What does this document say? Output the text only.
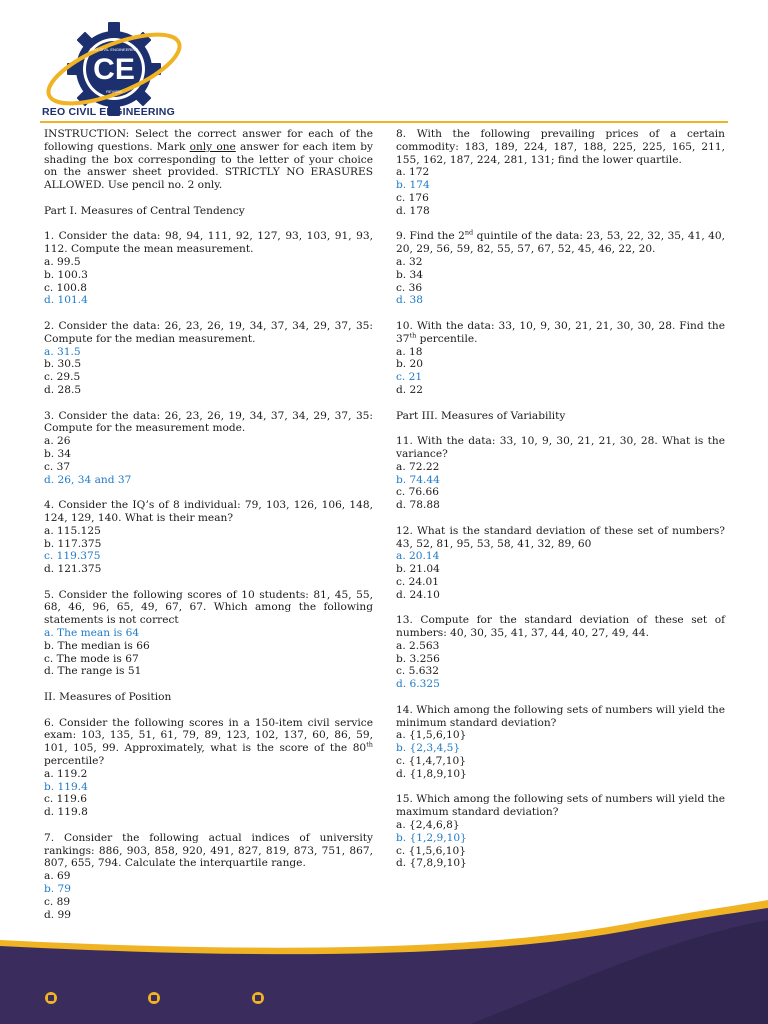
CE
REO CIVIL ENGINEERING
REVIEW
REO CIVIL ENGINEERING

INSTRUCTION: Select the correct answer for each of the following questions. Mark only one answer for each item by shading the box corresponding to the letter of your choice on the answer sheet provided. STRICTLY NO ERASURES ALLOWED. Use pencil no. 2 only.

Part I. Measures of Central Tendency

1. Consider the data: 98, 94, 111, 92, 127, 93, 103, 91, 93, 112. Compute the mean measurement.

a. 99.5
b. 100.3
c. 100.8
d. 101.4

2. Consider the data: 26, 23, 26, 19, 34, 37, 34, 29, 37, 35: Compute for the median measurement.

a. 31.5
b. 30.5
c. 29.5
d. 28.5

3. Consider the data: 26, 23, 26, 19, 34, 37, 34, 29, 37, 35: Compute for the measurement mode.

a. 26
b. 34
c. 37
d. 26, 34 and 37

4. Consider the IQ’s of 8 individual: 79, 103, 126, 106, 148, 124, 129, 140. What is their mean?

a. 115.125
b. 117.375
c. 119.375
d. 121.375

5. Consider the following scores of 10 students: 81, 45, 55, 68, 46, 96, 65, 49, 67, 67. Which among the following statements is not correct

a. The mean is 64
b. The median is 66
c. The mode is 67
d. The range is 51
II. Measures of Position

6. Consider the following scores in a 150-item civil service exam: 103, 135, 51, 61, 79, 89, 123, 102, 137, 60, 86, 59, 101, 105, 99. Approximately, what is the score of the 80th percentile?

a. 119.2
b. 119.4
c. 119.6
d. 119.8

7. Consider the following actual indices of university rankings: 886, 903, 858, 920, 491, 827, 819, 873, 751, 867, 807, 655, 794. Calculate the interquartile range.

a. 69
b. 79
c. 89
d. 99

8. With the following prevailing prices of a certain commodity: 183, 189, 224, 187, 188, 225, 225, 165, 211, 155, 162, 187, 224, 281, 131; find the lower quartile.

a. 172
b. 174
c. 176
d. 178

9. Find the 2nd quintile of the data: 23, 53, 22, 32, 35, 41, 40, 20, 29, 56, 59, 82, 55, 57, 67, 52, 45, 46, 22, 20.

a. 32
b. 34
c. 36
d. 38

10. With the data: 33, 10, 9, 30, 21, 21, 30, 30, 28. Find the 37th percentile.

a. 18
b. 20
c. 21
d. 22
Part III. Measures of Variability

11. With the data: 33, 10, 9, 30, 21, 21, 30, 28. What is the variance?

a. 72.22
b. 74.44
c. 76.66
d. 78.88

12. What is the standard deviation of these set of numbers? 43, 52, 81, 95, 53, 58, 41, 32, 89, 60

a. 20.14
b. 21.04
c. 24.01
d. 24.10

13. Compute for the standard deviation of these set of numbers: 40, 30, 35, 41, 37, 44, 40, 27, 49, 44.

a. 2.563
b. 3.256
c. 5.632
d. 6.325

14. Which among the following sets of numbers will yield the minimum standard deviation?

a. {1,5,6,10}
b. {2,3,4,5}
c. {1,4,7,10}
d. {1,8,9,10}

15. Which among the following sets of numbers will yield the maximum standard deviation?

a. {2,4,6,8}
b. {1,2,9,10}
c. {1,5,6,10}
d. {7,8,9,10}
